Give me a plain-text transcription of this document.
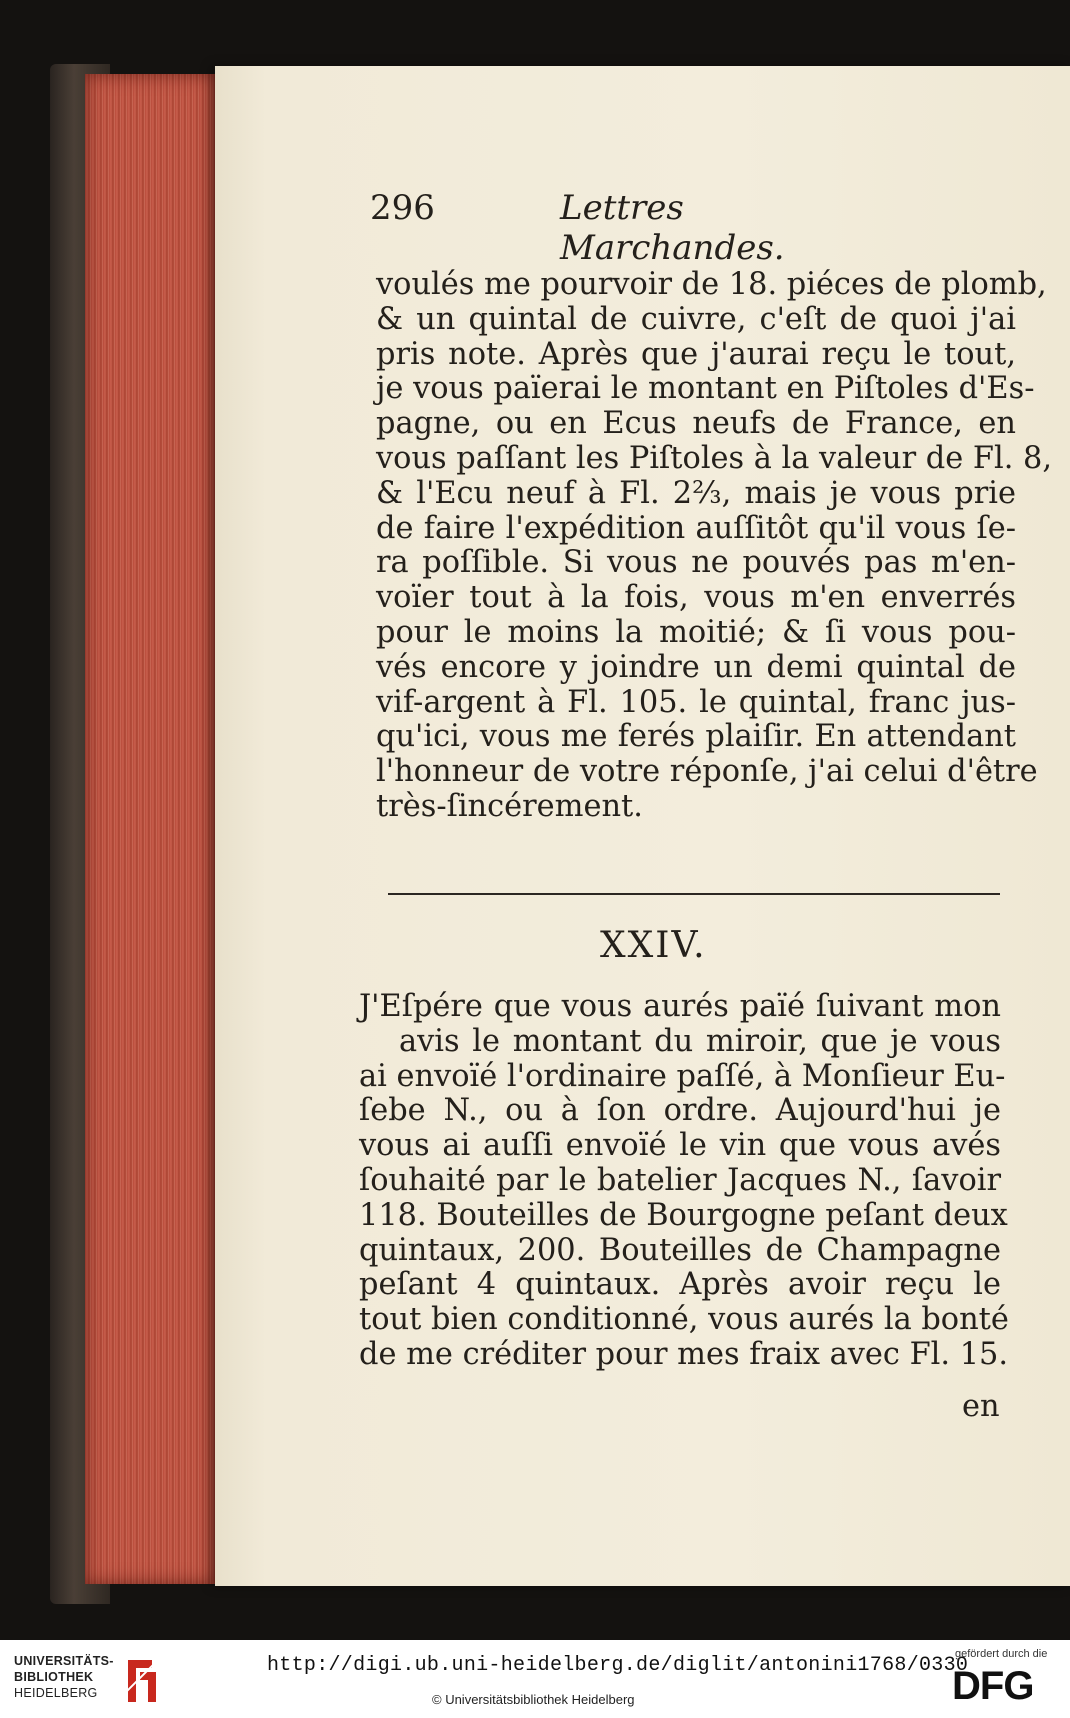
296	Lettres Marchandes.
voulés me pourvoir de 18. piéces de plomb,
& un quintal de cuivre, c'eſt de quoi j'ai
pris note. Après que j'aurai reçu le tout,
je vous païerai le montant en Piſtoles d'Es-
pagne, ou en Ecus neufs de France, en
vous paſſant les Piſtoles à la valeur de Fl. 8,
& l'Ecu neuf à Fl. 2⅔, mais je vous prie
de faire l'expédition auſſitôt qu'il vous ſe-
ra poſſible. Si vous ne pouvés pas m'en-
voïer tout à la fois, vous m'en enverrés
pour le moins la moitié; & ſi vous pou-
vés encore y joindre un demi quintal de
vif-argent à Fl. 105. le quintal, franc jus-
qu'ici, vous me ferés plaiſir. En attendant
l'honneur de votre réponſe, j'ai celui d'être
très-ſincérement.
XXIV.
J'Eſpére que vous aurés païé ſuivant mon
avis le montant du miroir, que je vous
ai envoïé l'ordinaire paſſé, à Monſieur Eu-
ſebe N., ou à ſon ordre. Aujourd'hui je
vous ai auſſi envoïé le vin que vous avés
ſouhaité par le batelier Jacques N., ſavoir
118. Bouteilles de Bourgogne peſant deux
quintaux, 200. Bouteilles de Champagne
peſant 4 quintaux. Après avoir reçu le
tout bien conditionné, vous aurés la bonté
de me créditer pour mes fraix avec Fl. 15.
en
UNIVERSITÄTS-
BIBLIOTHEK
HEIDELBERG
http://digi.ub.uni-heidelberg.de/diglit/antonini1768/0330
© Universitätsbibliothek Heidelberg
gefördert durch die
DFG
